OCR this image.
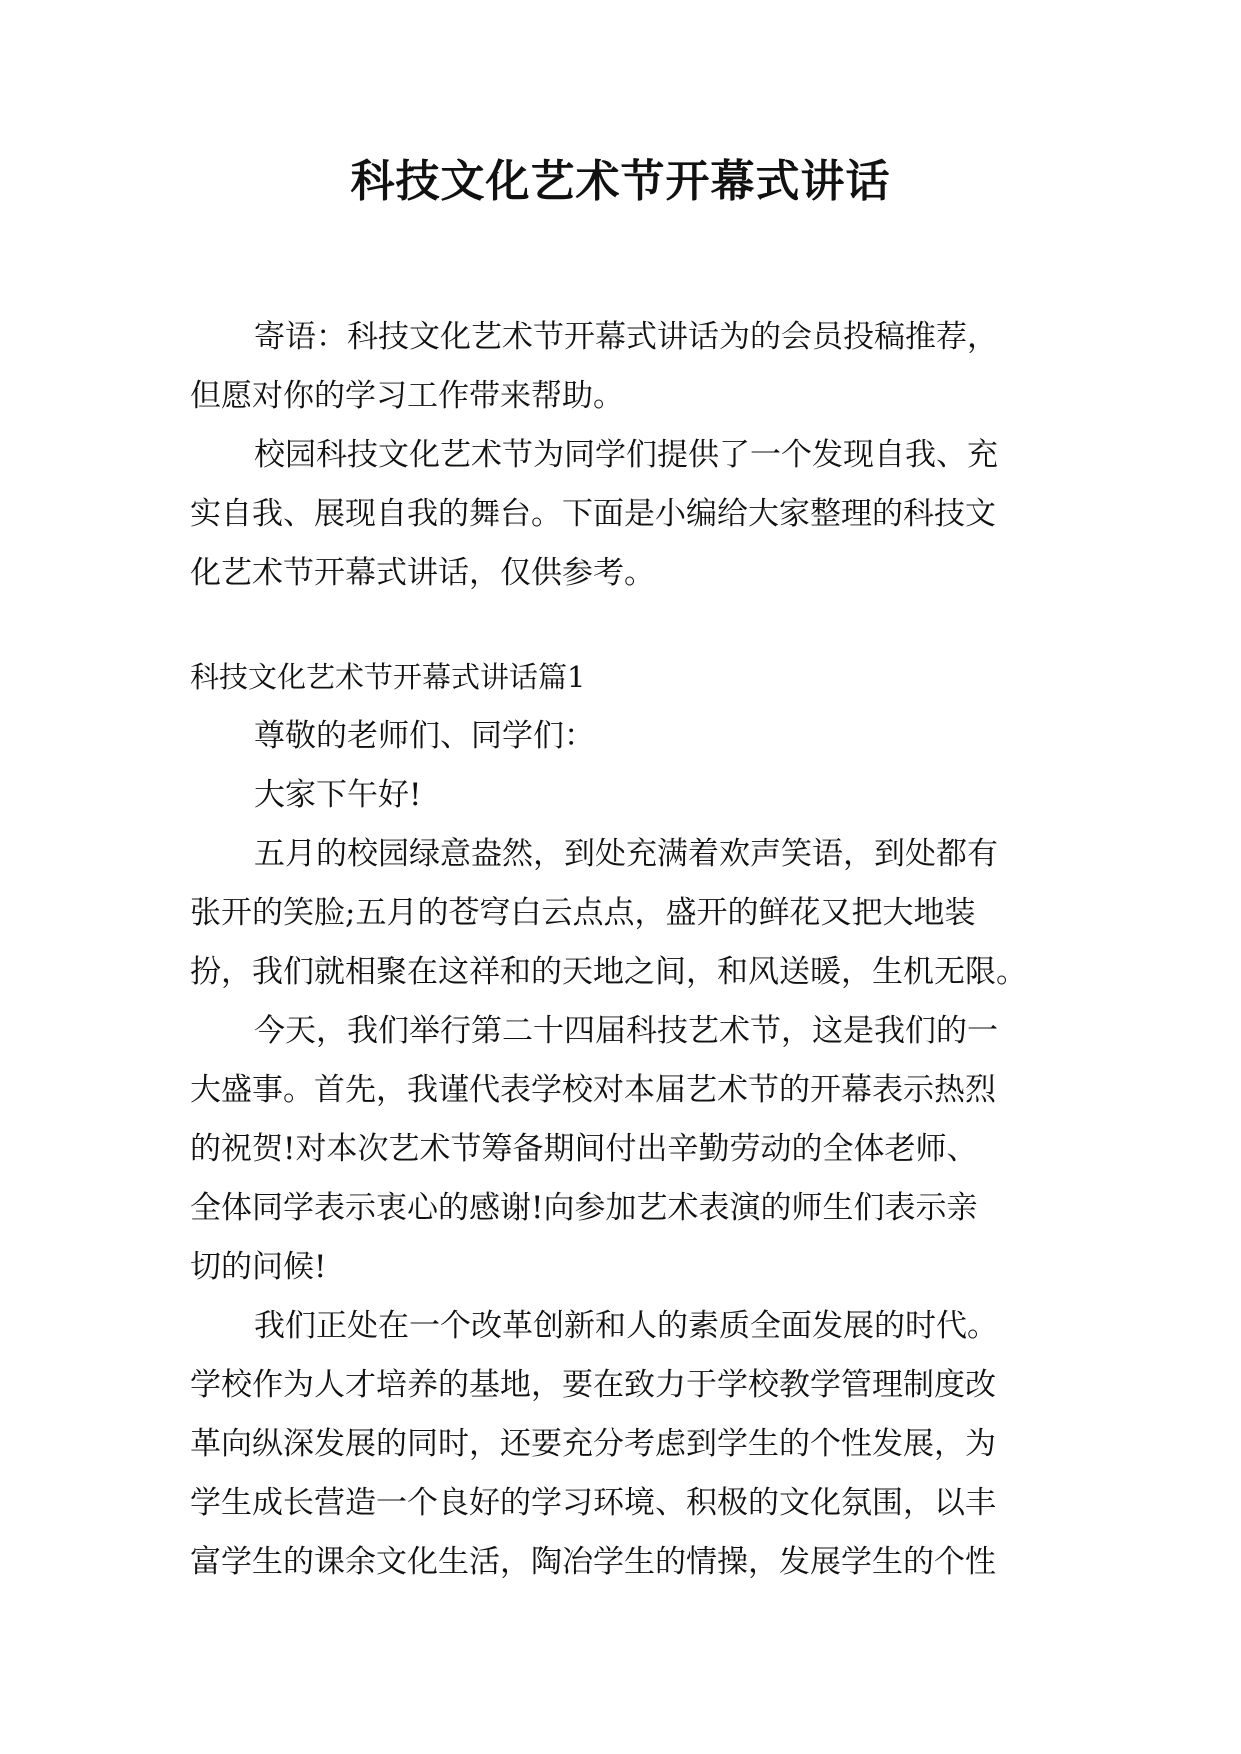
科技文化艺术节开幕式讲话
寄语：科技文化艺术节开幕式讲话为的会员投稿推荐，
但愿对你的学习工作带来帮助。
校园科技文化艺术节为同学们提供了一个发现自我、充
实自我、展现自我的舞台。下面是小编给大家整理的科技文
化艺术节开幕式讲话，仅供参考。
科技文化艺术节开幕式讲话篇1
尊敬的老师们、同学们：
大家下午好!
五月的校园绿意盎然，到处充满着欢声笑语，到处都有
张开的笑脸;五月的苍穹白云点点，盛开的鲜花又把大地装
扮，我们就相聚在这祥和的天地之间，和风送暖，生机无限。
今天，我们举行第二十四届科技艺术节，这是我们的一
大盛事。首先，我谨代表学校对本届艺术节的开幕表示热烈
的祝贺!对本次艺术节筹备期间付出辛勤劳动的全体老师、
全体同学表示衷心的感谢!向参加艺术表演的师生们表示亲
切的问候!
我们正处在一个改革创新和人的素质全面发展的时代。
学校作为人才培养的基地，要在致力于学校教学管理制度改
革向纵深发展的同时，还要充分考虑到学生的个性发展，为
学生成长营造一个良好的学习环境、积极的文化氛围，以丰
富学生的课余文化生活，陶冶学生的情操，发展学生的个性
